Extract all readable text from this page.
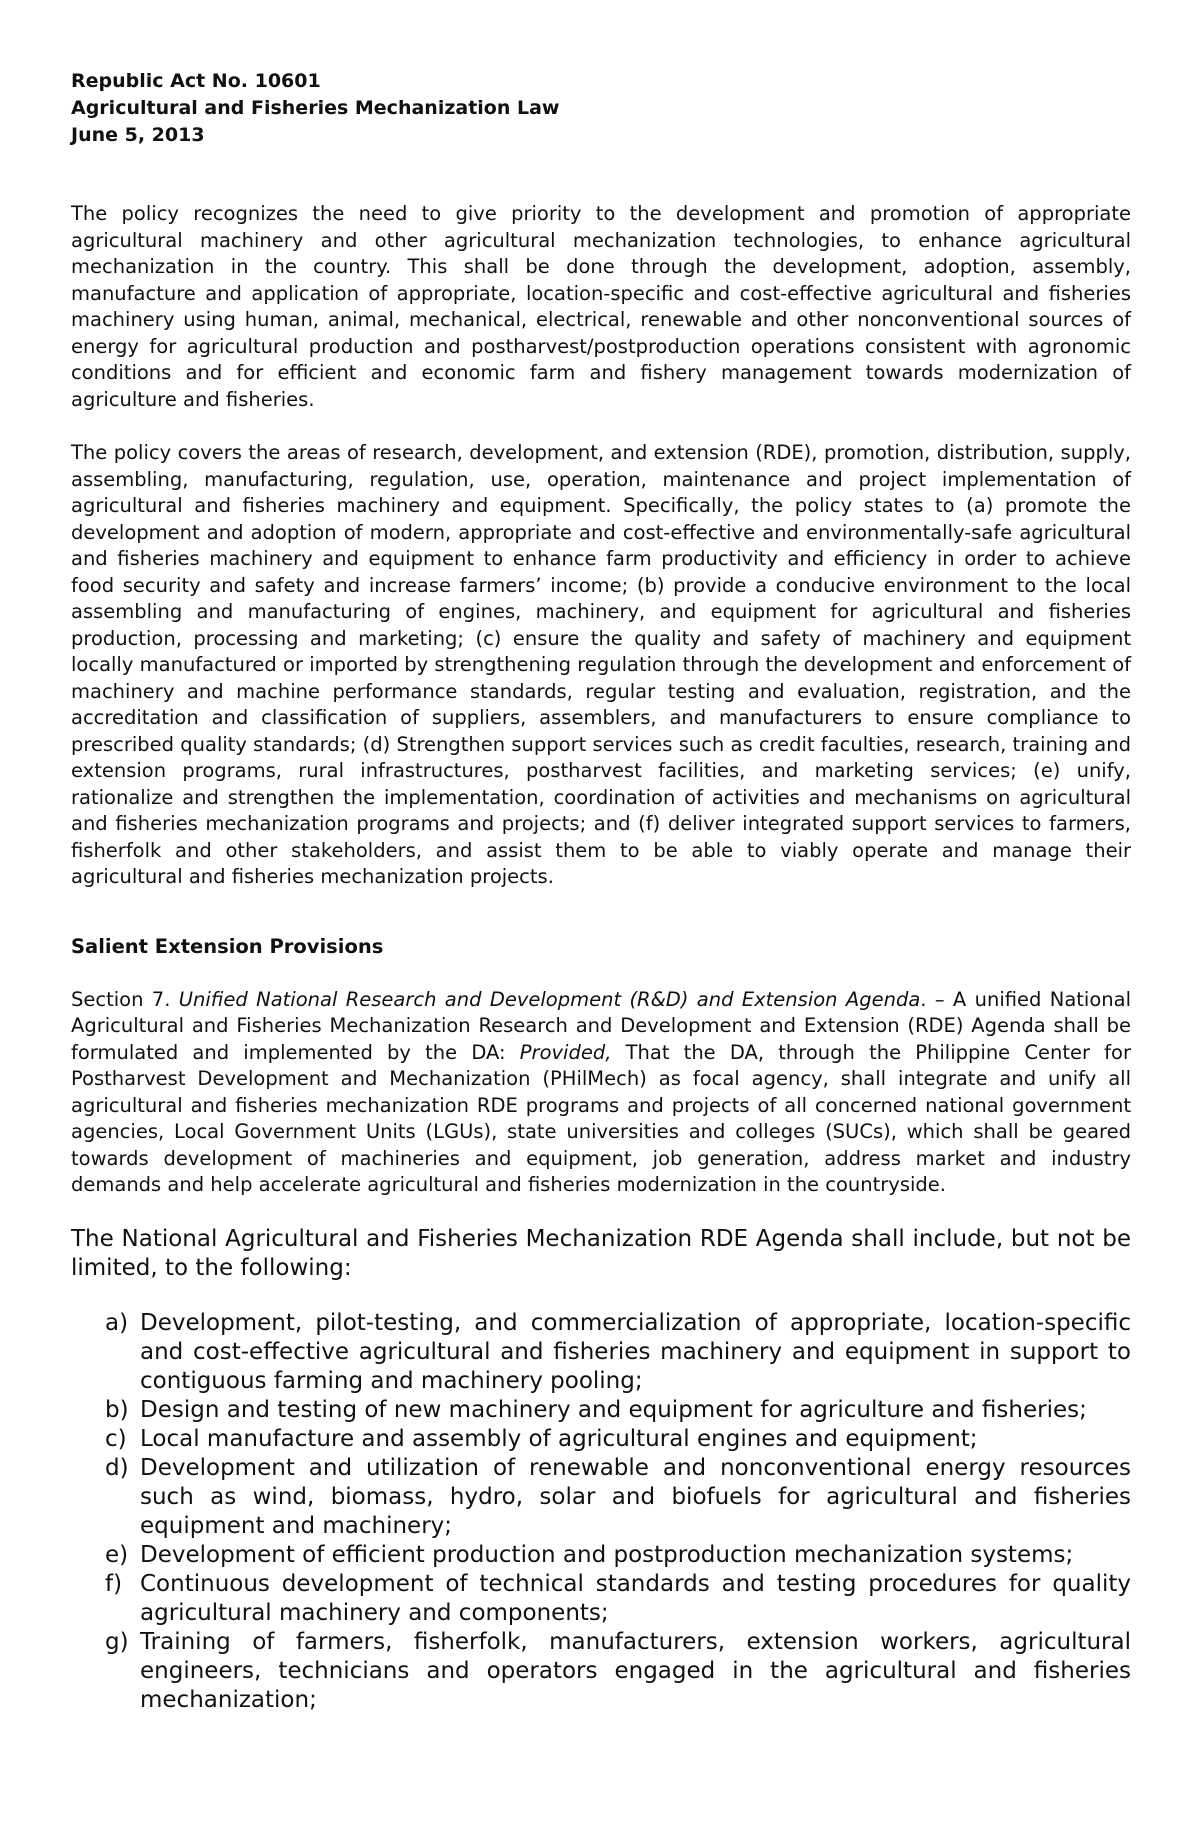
Republic Act No. 10601

Agricultural and Fisheries Mechanization Law

June 5, 2013

The policy recognizes the need to give priority to the development and promotion of appropriate agricultural machinery and other agricultural mechanization technologies, to enhance agricultural mechanization in the country. This shall be done through the development, adoption, assembly, manufacture and application of appropriate, location-specific and cost-effective agricultural and fisheries machinery using human, animal, mechanical, electrical, renewable and other nonconventional sources of energy for agricultural production and postharvest/postproduction operations consistent with agronomic conditions and for efficient and economic farm and fishery management towards modernization of agriculture and fisheries.

The policy covers the areas of research, development, and extension (RDE), promotion, distribution, supply, assembling, manufacturing, regulation, use, operation, maintenance and project implementation of agricultural and fisheries machinery and equipment. Specifically, the policy states to (a) promote the development and adoption of modern, appropriate and cost-effective and environmentally-safe agricultural and fisheries machinery and equipment to enhance farm productivity and efficiency in order to achieve food security and safety and increase farmers’ income; (b) provide a conducive environment to the local assembling and manufacturing of engines, machinery, and equipment for agricultural and fisheries production, processing and marketing; (c) ensure the quality and safety of machinery and equipment locally manufactured or imported by strengthening regulation through the development and enforcement of machinery and machine performance standards, regular testing and evaluation, registration, and the accreditation and classification of suppliers, assemblers, and manufacturers to ensure compliance to prescribed quality standards; (d) Strengthen support services such as credit faculties, research, training and extension programs, rural infrastructures, postharvest facilities, and marketing services; (e) unify, rationalize and strengthen the implementation, coordination of activities and mechanisms on agricultural and fisheries mechanization programs and projects; and (f) deliver integrated support services to farmers, fisherfolk and other stakeholders, and assist them to be able to viably operate and manage their agricultural and fisheries mechanization projects.

Salient Extension Provisions

Section 7. Unified National Research and Development (R&D) and Extension Agenda. – A unified National Agricultural and Fisheries Mechanization Research and Development and Extension (RDE) Agenda shall be formulated and implemented by the DA: Provided, That the DA, through the Philippine Center for Postharvest Development and Mechanization (PHilMech) as focal agency, shall integrate and unify all agricultural and fisheries mechanization RDE programs and projects of all concerned national government agencies, Local Government Units (LGUs), state universities and colleges (SUCs), which shall be geared towards development of machineries and equipment, job generation, address market and industry demands and help accelerate agricultural and fisheries modernization in the countryside.

The National Agricultural and Fisheries Mechanization RDE Agenda shall include, but not be limited, to the following:

a) Development, pilot-testing, and commercialization of appropriate, location-specific and cost-effective agricultural and fisheries machinery and equipment in support to contiguous farming and machinery pooling;
b) Design and testing of new machinery and equipment for agriculture and fisheries;
c) Local manufacture and assembly of agricultural engines and equipment;
d) Development and utilization of renewable and nonconventional energy resources such as wind, biomass, hydro, solar and biofuels for agricultural and fisheries equipment and machinery;
e) Development of efficient production and postproduction mechanization systems;
f) Continuous development of technical standards and testing procedures for quality agricultural machinery and components;
g) Training of farmers, fisherfolk, manufacturers, extension workers, agricultural engineers, technicians and operators engaged in the agricultural and fisheries mechanization;
